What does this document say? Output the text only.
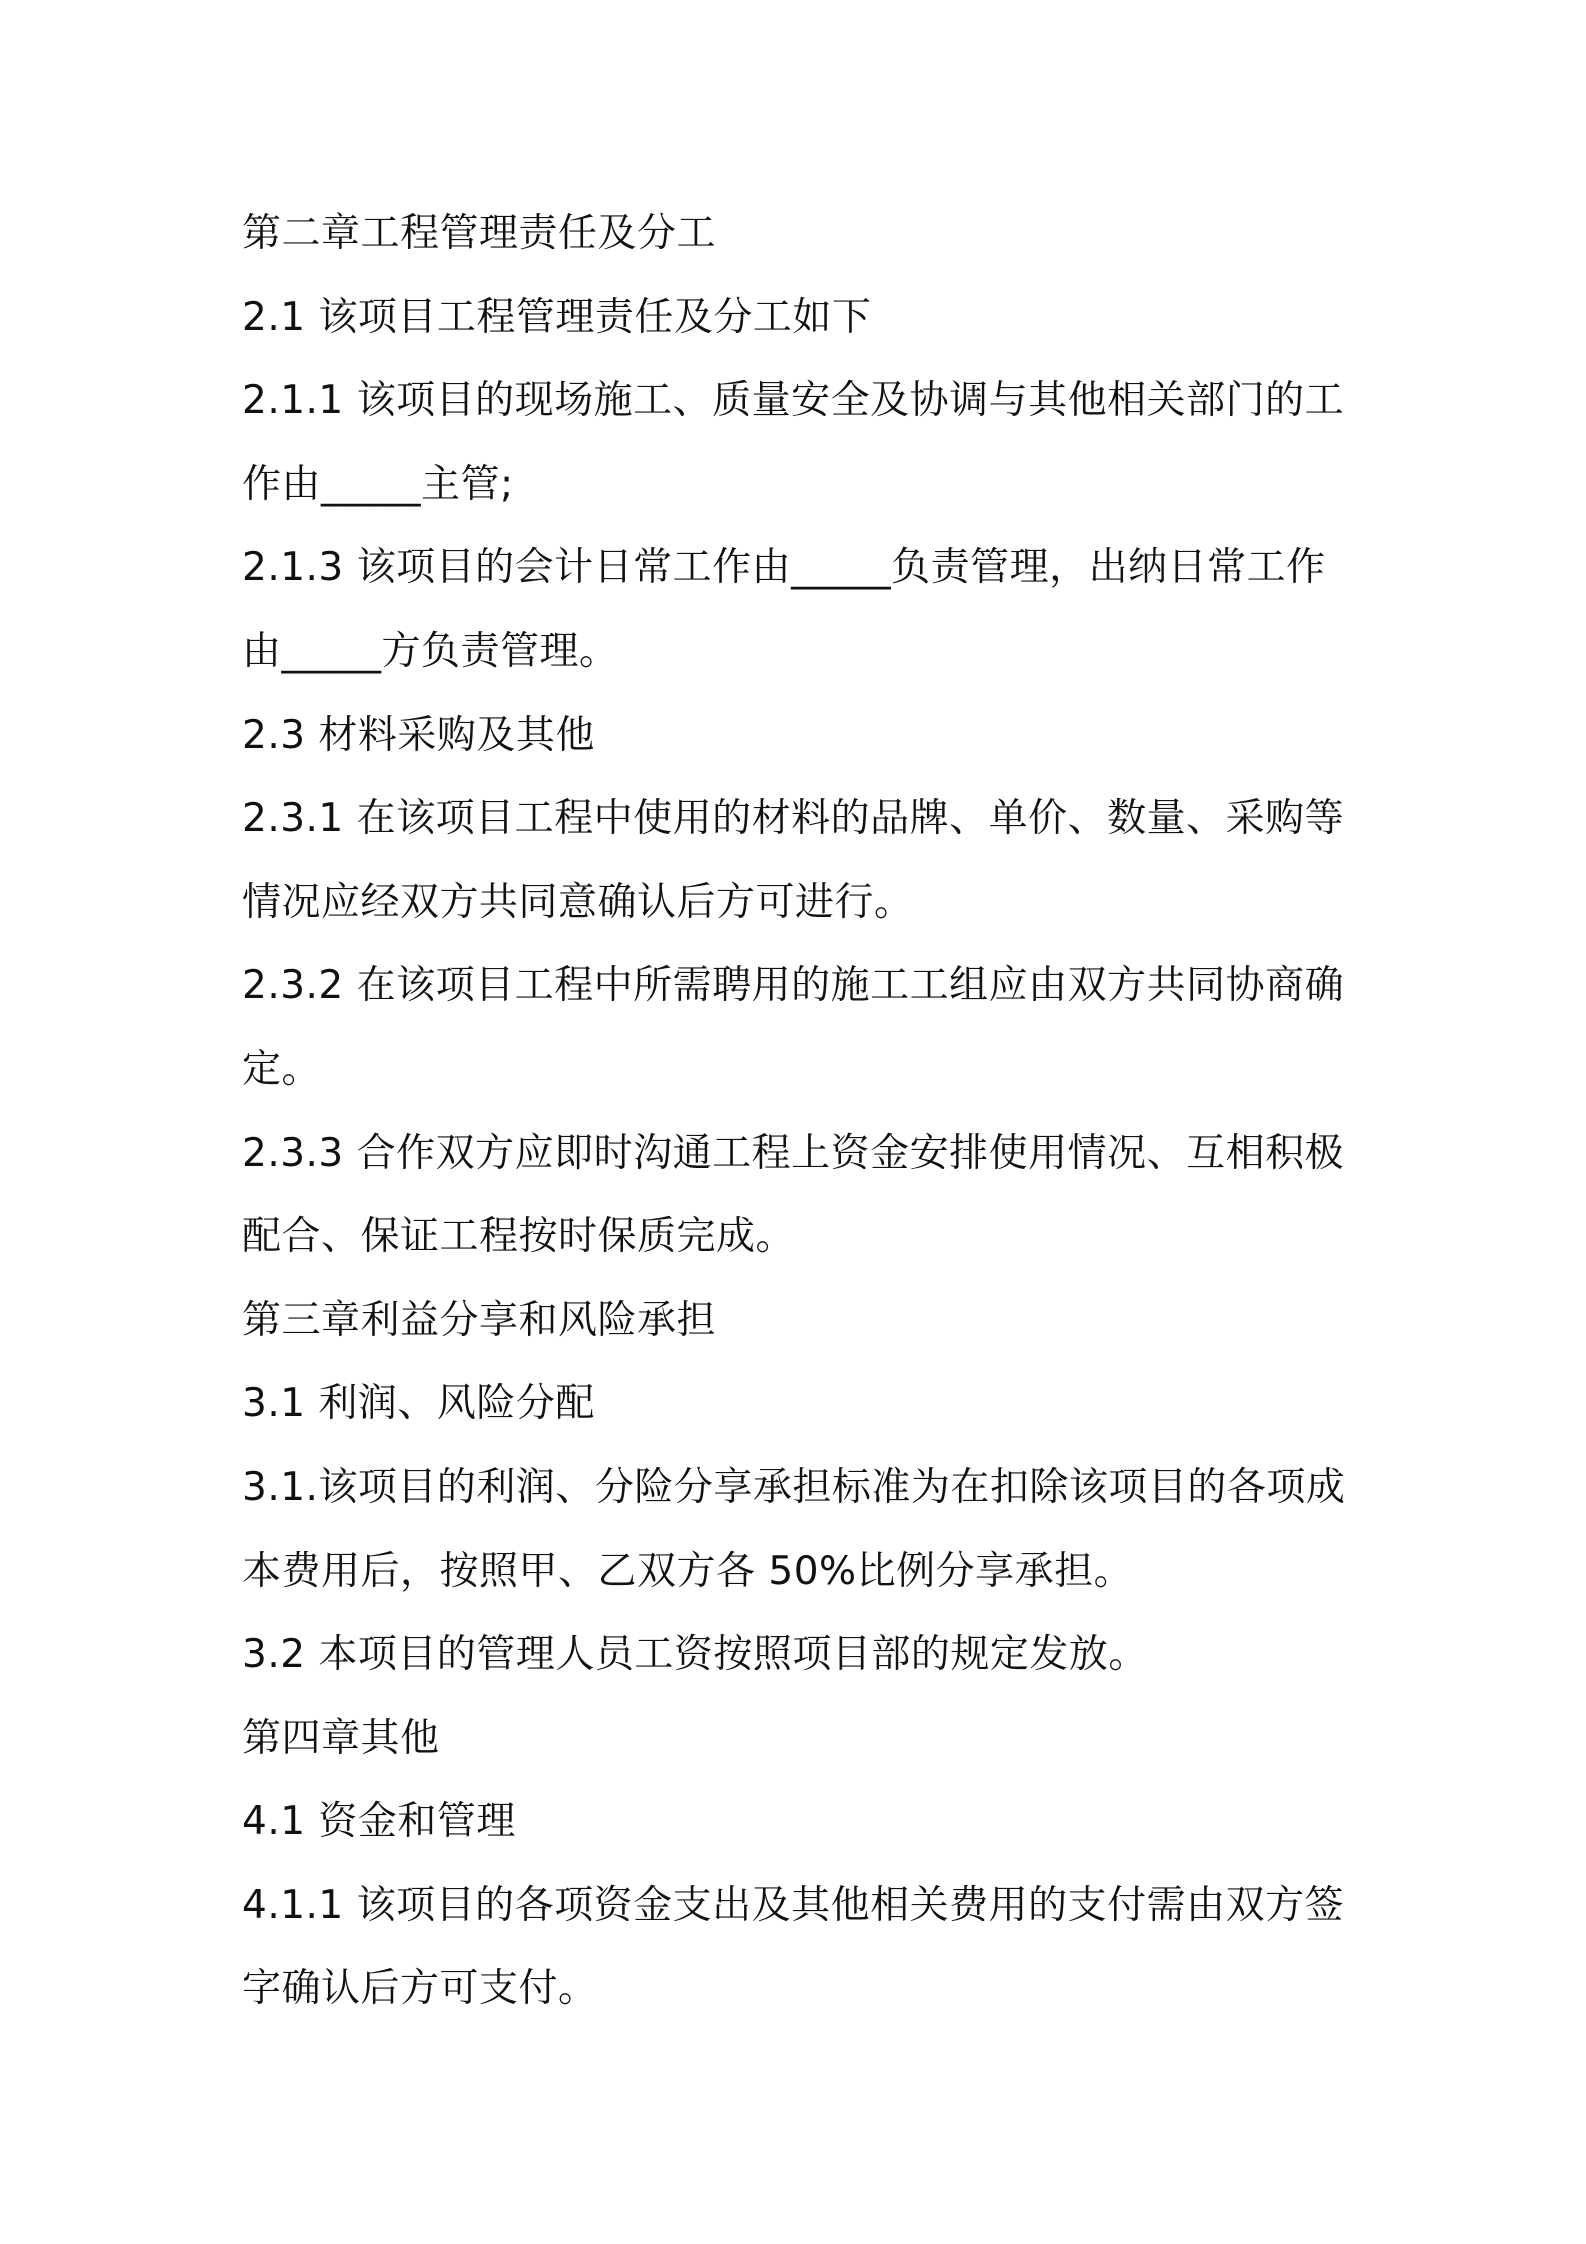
第二章工程管理责任及分工
2.1 该项目工程管理责任及分工如下
2.1.1 该项目的现场施工、质量安全及协调与其他相关部门的工
作由_____主管;
2.1.3 该项目的会计日常工作由_____负责管理，出纳日常工作
由_____方负责管理。
2.3 材料采购及其他
2.3.1 在该项目工程中使用的材料的品牌、单价、数量、采购等
情况应经双方共同意确认后方可进行。
2.3.2 在该项目工程中所需聘用的施工工组应由双方共同协商确
定。
2.3.3 合作双方应即时沟通工程上资金安排使用情况、互相积极
配合、保证工程按时保质完成。
第三章利益分享和风险承担
3.1 利润、风险分配
3.1.该项目的利润、分险分享承担标准为在扣除该项目的各项成
本费用后，按照甲、乙双方各 50%比例分享承担。
3.2 本项目的管理人员工资按照项目部的规定发放。
第四章其他
4.1 资金和管理
4.1.1 该项目的各项资金支出及其他相关费用的支付需由双方签
字确认后方可支付。
